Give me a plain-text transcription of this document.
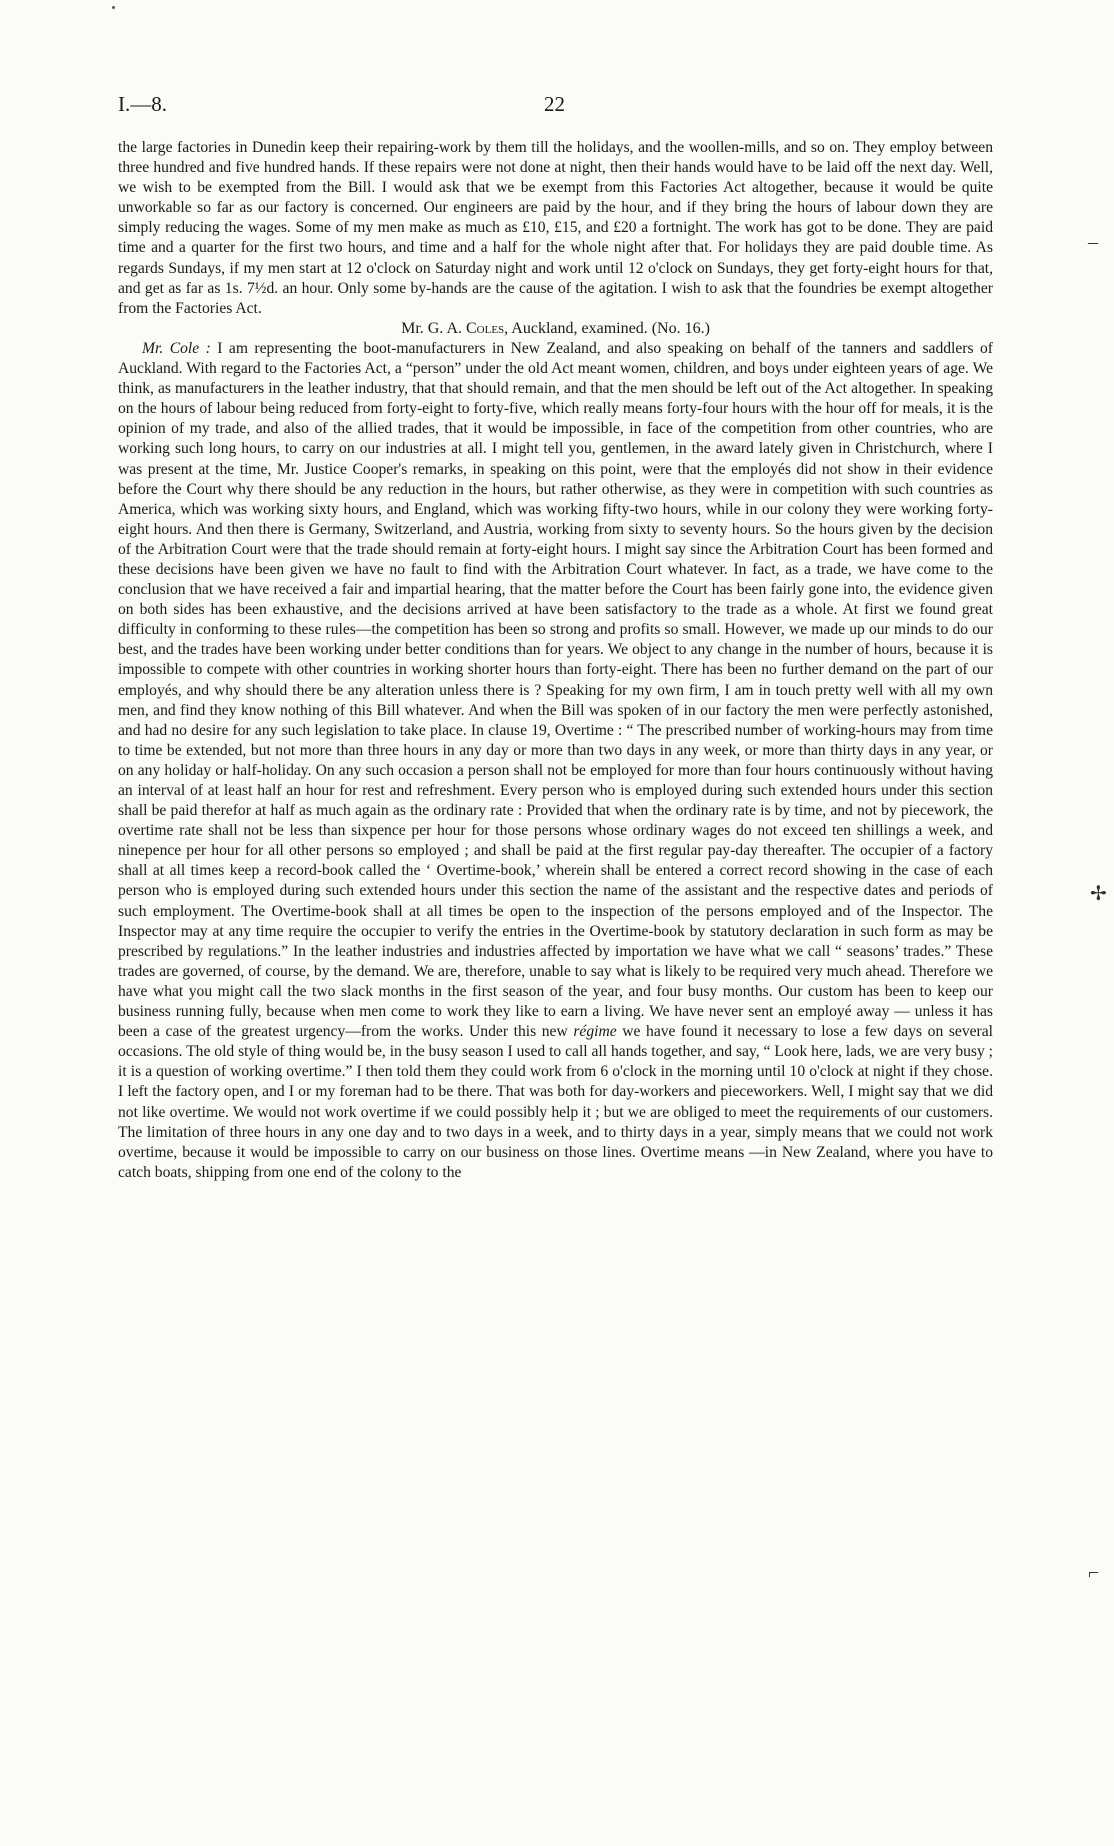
I.—8.	22

the large factories in Dunedin keep their repairing-work by them till the holidays, and the woollen-mills, and so on. They employ between three hundred and five hundred hands. If these repairs were not done at night, then their hands would have to be laid off the next day. Well, we wish to be exempted from the Bill. I would ask that we be exempt from this Factories Act altogether, because it would be quite unworkable so far as our factory is concerned. Our engineers are paid by the hour, and if they bring the hours of labour down they are simply reducing the wages. Some of my men make as much as £10, £15, and £20 a fortnight. The work has got to be done. They are paid time and a quarter for the first two hours, and time and a half for the whole night after that. For holidays they are paid double time. As regards Sundays, if my men start at 12 o'clock on Saturday night and work until 12 o'clock on Sundays, they get forty-eight hours for that, and get as far as 1s. 7½d. an hour. Only some by-hands are the cause of the agitation. I wish to ask that the foundries be exempt altogether from the Factories Act.

Mr. G. A. Coles, Auckland, examined. (No. 16.)

Mr. Cole : I am representing the boot-manufacturers in New Zealand, and also speaking on behalf of the tanners and saddlers of Auckland. With regard to the Factories Act, a “person” under the old Act meant women, children, and boys under eighteen years of age. We think, as manufacturers in the leather industry, that that should remain, and that the men should be left out of the Act altogether. In speaking on the hours of labour being reduced from forty-eight to forty-five, which really means forty-four hours with the hour off for meals, it is the opinion of my trade, and also of the allied trades, that it would be impossible, in face of the competition from other countries, who are working such long hours, to carry on our industries at all. I might tell you, gentlemen, in the award lately given in Christchurch, where I was present at the time, Mr. Justice Cooper's remarks, in speaking on this point, were that the employés did not show in their evidence before the Court why there should be any reduction in the hours, but rather otherwise, as they were in competition with such countries as America, which was working sixty hours, and England, which was working fifty-two hours, while in our colony they were working forty-eight hours. And then there is Germany, Switzerland, and Austria, working from sixty to seventy hours. So the hours given by the decision of the Arbitration Court were that the trade should remain at forty-eight hours. I might say since the Arbitration Court has been formed and these decisions have been given we have no fault to find with the Arbitration Court whatever. In fact, as a trade, we have come to the conclusion that we have received a fair and impartial hearing, that the matter before the Court has been fairly gone into, the evidence given on both sides has been exhaustive, and the decisions arrived at have been satisfactory to the trade as a whole. At first we found great difficulty in conforming to these rules—the competition has been so strong and profits so small. However, we made up our minds to do our best, and the trades have been working under better conditions than for years. We object to any change in the number of hours, because it is impossible to compete with other countries in working shorter hours than forty-eight. There has been no further demand on the part of our employés, and why should there be any alteration unless there is ? Speaking for my own firm, I am in touch pretty well with all my own men, and find they know nothing of this Bill whatever. And when the Bill was spoken of in our factory the men were perfectly astonished, and had no desire for any such legislation to take place. In clause 19, Overtime : “ The prescribed number of working-hours may from time to time be extended, but not more than three hours in any day or more than two days in any week, or more than thirty days in any year, or on any holiday or half-holiday. On any such occasion a person shall not be employed for more than four hours continuously without having an interval of at least half an hour for rest and refreshment. Every person who is employed during such extended hours under this section shall be paid therefor at half as much again as the ordinary rate : Provided that when the ordinary rate is by time, and not by piecework, the overtime rate shall not be less than sixpence per hour for those persons whose ordinary wages do not exceed ten shillings a week, and ninepence per hour for all other persons so employed ; and shall be paid at the first regular pay-day thereafter. The occupier of a factory shall at all times keep a record-book called the ‘ Overtime-book,’ wherein shall be entered a correct record showing in the case of each person who is employed during such extended hours under this section the name of the assistant and the respective dates and periods of such employment. The Overtime-book shall at all times be open to the inspection of the persons employed and of the Inspector. The Inspector may at any time require the occupier to verify the entries in the Overtime-book by statutory declaration in such form as may be prescribed by regulations.” In the leather industries and industries affected by importation we have what we call “ seasons’ trades.” These trades are governed, of course, by the demand. We are, therefore, unable to say what is likely to be required very much ahead. Therefore we have what you might call the two slack months in the first season of the year, and four busy months. Our custom has been to keep our business running fully, because when men come to work they like to earn a living. We have never sent an employé away — unless it has been a case of the greatest urgency—from the works. Under this new régime we have found it necessary to lose a few days on several occasions. The old style of thing would be, in the busy season I used to call all hands together, and say, “ Look here, lads, we are very busy ; it is a question of working overtime.” I then told them they could work from 6 o'clock in the morning until 10 o'clock at night if they chose. I left the factory open, and I or my foreman had to be there. That was both for day-workers and pieceworkers. Well, I might say that we did not like overtime. We would not work overtime if we could possibly help it ; but we are obliged to meet the requirements of our customers. The limitation of three hours in any one day and to two days in a week, and to thirty days in a year, simply means that we could not work overtime, because it would be impossible to carry on our business on those lines. Overtime means —in New Zealand, where you have to catch boats, shipping from one end of the colony to the

–
✢
⌐
